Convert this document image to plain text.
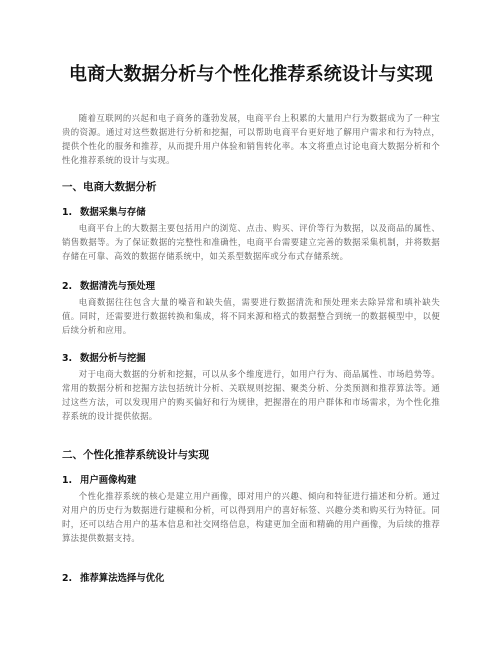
电商大数据分析与个性化推荐系统设计与实现
随着互联网的兴起和电子商务的蓬勃发展，电商平台上积累的大量用户行为数据成为了一种宝贵的资源。通过对这些数据进行分析和挖掘，可以帮助电商平台更好地了解用户需求和行为特点，提供个性化的服务和推荐，从而提升用户体验和销售转化率。本文将重点讨论电商大数据分析和个性化推荐系统的设计与实现。
一、电商大数据分析
1. 数据采集与存储
电商平台上的大数据主要包括用户的浏览、点击、购买、评价等行为数据，以及商品的属性、销售数据等。为了保证数据的完整性和准确性，电商平台需要建立完善的数据采集机制，并将数据存储在可靠、高效的数据存储系统中，如关系型数据库或分布式存储系统。
2. 数据清洗与预处理
电商数据往往包含大量的噪音和缺失值，需要进行数据清洗和预处理来去除异常和填补缺失值。同时，还需要进行数据转换和集成，将不同来源和格式的数据整合到统一的数据模型中，以便后续分析和应用。
3. 数据分析与挖掘
对于电商大数据的分析和挖掘，可以从多个维度进行，如用户行为、商品属性、市场趋势等。常用的数据分析和挖掘方法包括统计分析、关联规则挖掘、聚类分析、分类预测和推荐算法等。通过这些方法，可以发现用户的购买偏好和行为规律，把握潜在的用户群体和市场需求，为个性化推荐系统的设计提供依据。
二、个性化推荐系统设计与实现
1. 用户画像构建
个性化推荐系统的核心是建立用户画像，即对用户的兴趣、倾向和特征进行描述和分析。通过对用户的历史行为数据进行建模和分析，可以得到用户的喜好标签、兴趣分类和购买行为特征。同时，还可以结合用户的基本信息和社交网络信息，构建更加全面和精确的用户画像，为后续的推荐算法提供数据支持。
2. 推荐算法选择与优化
